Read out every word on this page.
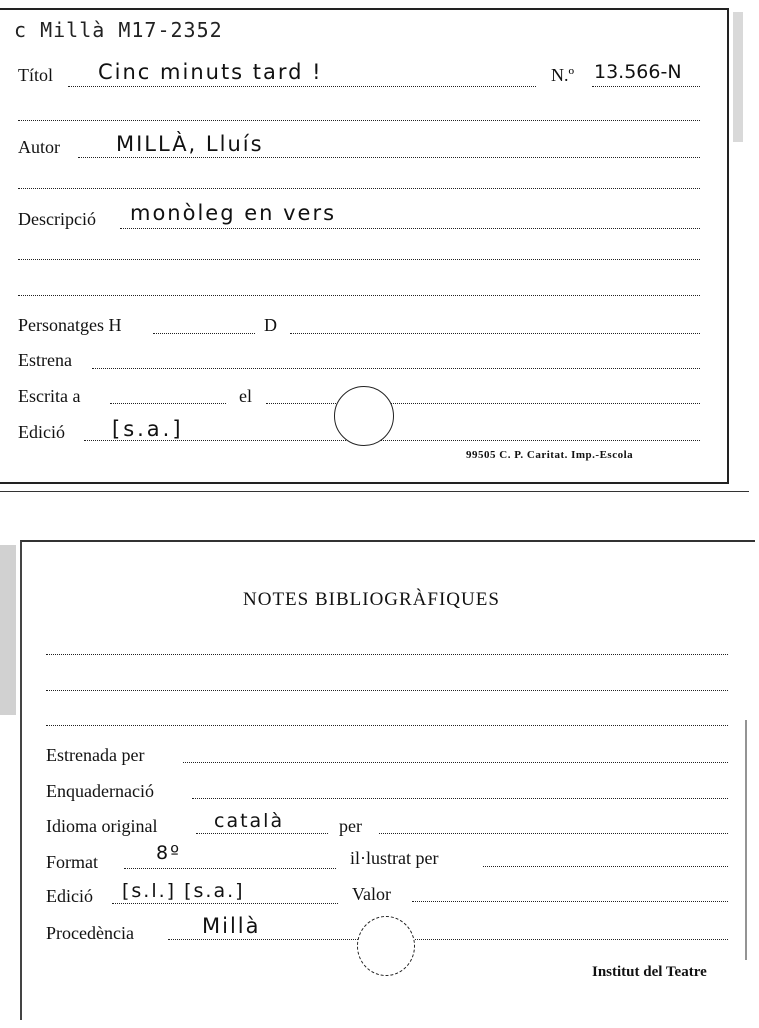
c Millà M17-2352
Títol Cinc minuts tard !	N.º 13.566-N
Autor	MILLÀ, Lluís
Descripció monòleg en vers
Personatges H	D
Estrena
Escrita a	el
Edició [s.a.]
99505 C. P. Caritat. Imp.-Escola
NOTES BIBLIOGRÀFIQUES
Estrenada per
Enquadernació
Idioma original	català	per
Format	8º	il·lustrat per
Edició [s.l.] [s.a.]	Valor
Procedència	Millà
Institut del Teatre
